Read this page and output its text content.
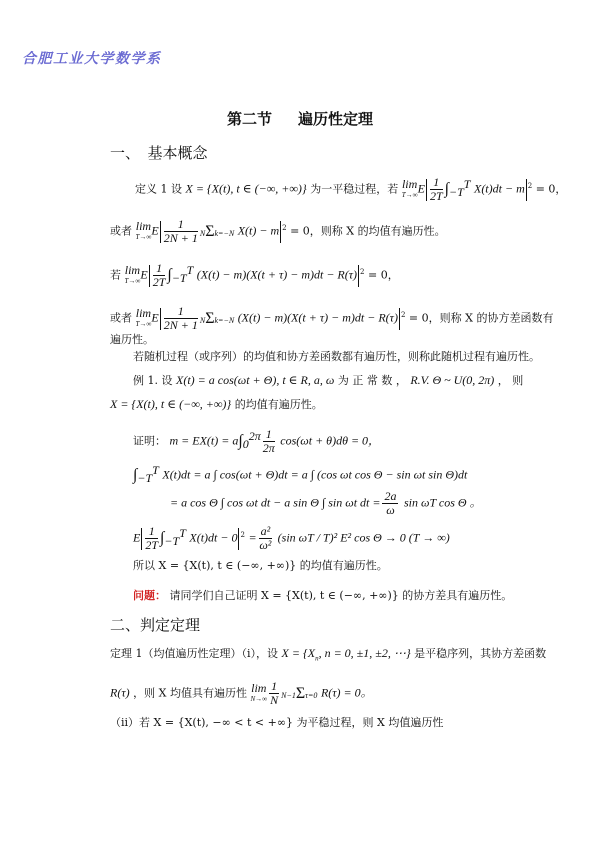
合肥工业大学数学系
第二节 遍历性定理
一、　基本概念
定义 1 设 X = {X(t), t ∈ (−∞, +∞)} 为一平稳过程，若 lim
T→∞ E $\frac{1}{2T} \int_{-T}^T$ X(t)dt − m $^2$ = 0，
或者 lim
T→∞ E $\frac{1}{2N + 1} N\Sigma k=-N$ X(t) − m $^2$ = 0，则称 X 的均值有遍历性。
若 lim
T→∞ E $\frac{1}{2T} \int_{-T}^T$ (X(t) − m)(X(t + τ) − m)dt − R(τ) $^2$ = 0，
或者 lim
T→∞ E $\frac{1}{2N + 1} N\Sigma k=-N$ (X(t) − m)(X(t + τ) − m)dt − R(τ) $^2$ = 0，则称 X 的协方差函数有
遍历性。
若随机过程（或序列）的均值和协方差函数都有遍历性，则称此随机过程有遍历性。
例 1. 设 X(t) = a cos(ωt + Θ), t ∈ R, a, ω 为 正 常 数 ， R.V. Θ ~ U(0, 2π) ， 则
X = {X(t), t ∈ (−∞, +∞)} 的均值有遍历性。
证明： $m = EX(t) = a\int_0^{2\pi} \frac{1}{2\pi} \cos(\omega t + \theta)d\theta = 0$，
$\int_{-T}^T$ X(t)dt = a ∫ cos(ωt + Θ)dt = a ∫ (cos ωt cos Θ − sin ωt sin Θ)dt
= a cos Θ ∫ cos ωt dt − a sin Θ ∫ sin ωt dt = $\frac{2a}{\omega}$ sin ωT cos Θ 。
E $\frac{1}{2T} \int_{-T}^T$ X(t)dt − 0 $^2 = \frac{\text{a²}}{\text{ω²}} (\sin$ ωT / T)² E² cos Θ → 0 (T → ∞)
所以 X = {X(t), t ∈ (−∞, +∞)} 的均值有遍历性。
问题： 请同学们自己证明 X = {X(t), t ∈ (−∞, +∞)} 的协方差具有遍历性。
二、判定定理
定理 1（均值遍历性定理）（ⅰ），设 $X = \{X_n$, n = 0, ±1, ±2, ⋯} 是平稳序列，其协方差函数
R(τ) ，则 X 均值具有遍历性 lim
$N\to\infty \frac{1}{N} N-1\Sigma\tau=0$ R(τ) = 0。
（ⅱ）若 X = {X(t), −∞ < t < +∞} 为平稳过程，则 X 均值遍历性
